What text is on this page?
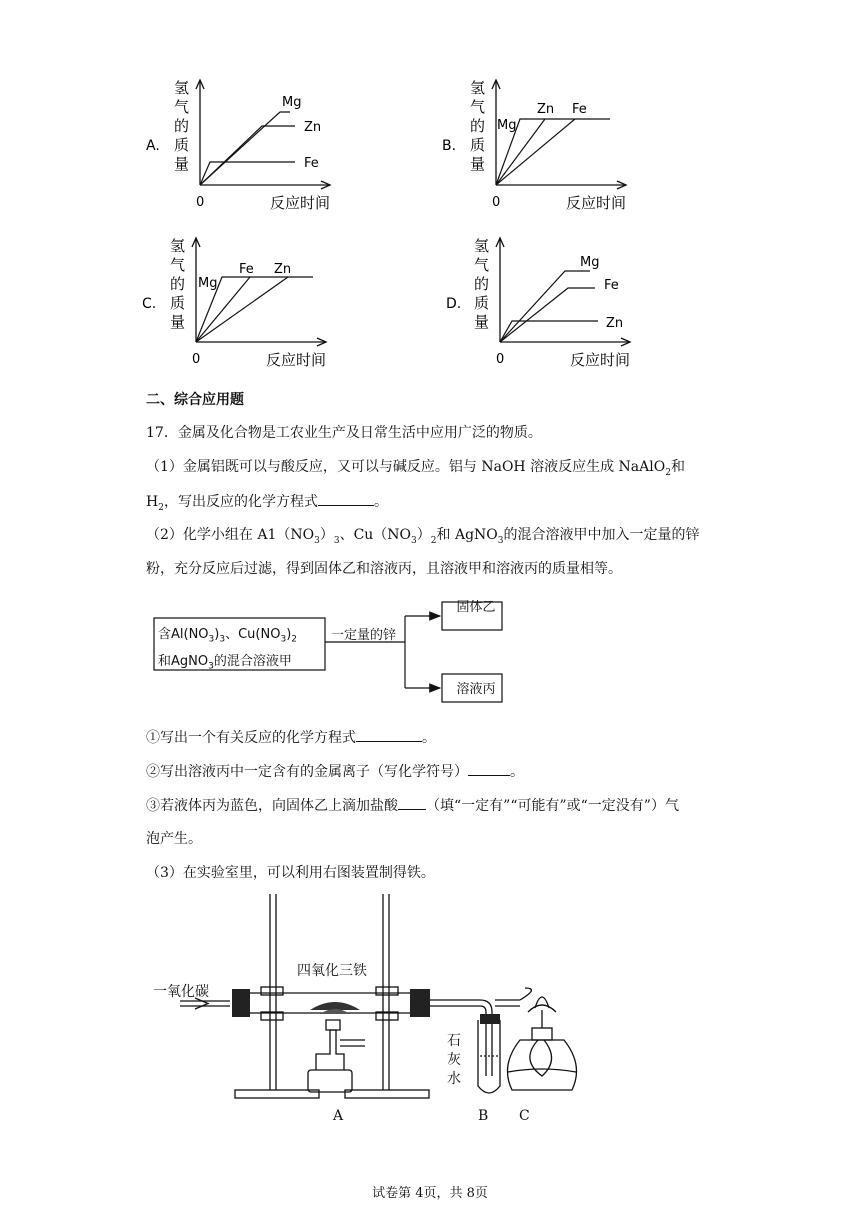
Mg
Zn
Fe
0	反应时间
氢
气
的
质
量
A.
Mg
Zn Fe
0	反应时间
氢
气
的
质
量
B.
Mg
Fe Zn
0	反应时间
氢
气
的
质
量
C.
Mg
Fe
Zn
0	反应时间
氢
气
的
质
量
D.
二、综合应用题
17．金属及化合物是工农业生产及日常生活中应用广泛的物质。
（1）金属铝既可以与酸反应，又可以与碱反应。铝与 NaOH 溶液反应生成 NaAlO$_2$和
$H_2$，写出反应的化学方程式	。
（2）化学小组在 $A1(NO_3)_3$、$Cu(NO_3)_2$和 AgNO$_3$的混合溶液甲中加入一定量的锌
粉，充分反应后过滤，得到固体乙和溶液丙，且溶液甲和溶液丙的质量相等。
含$Al(NO_3)_3$、$Cu(NO_3)_2$
和AgNO$_3$的混合溶液甲
一定量的锌
固体乙
溶液丙
①写出一个有关反应的化学方程式	。
②写出溶液丙中一定含有的金属离子（写化学符号）	。
③若液体丙为蓝色，向固体乙上滴加盐酸 （填“一定有”“可能有”或“一定没有”）气
泡产生。
（3）在实验室里，可以利用右图装置制得铁。
一氧化碳
四氧化三铁
石
灰
水
A	B C
试卷第 4页，共 8页
